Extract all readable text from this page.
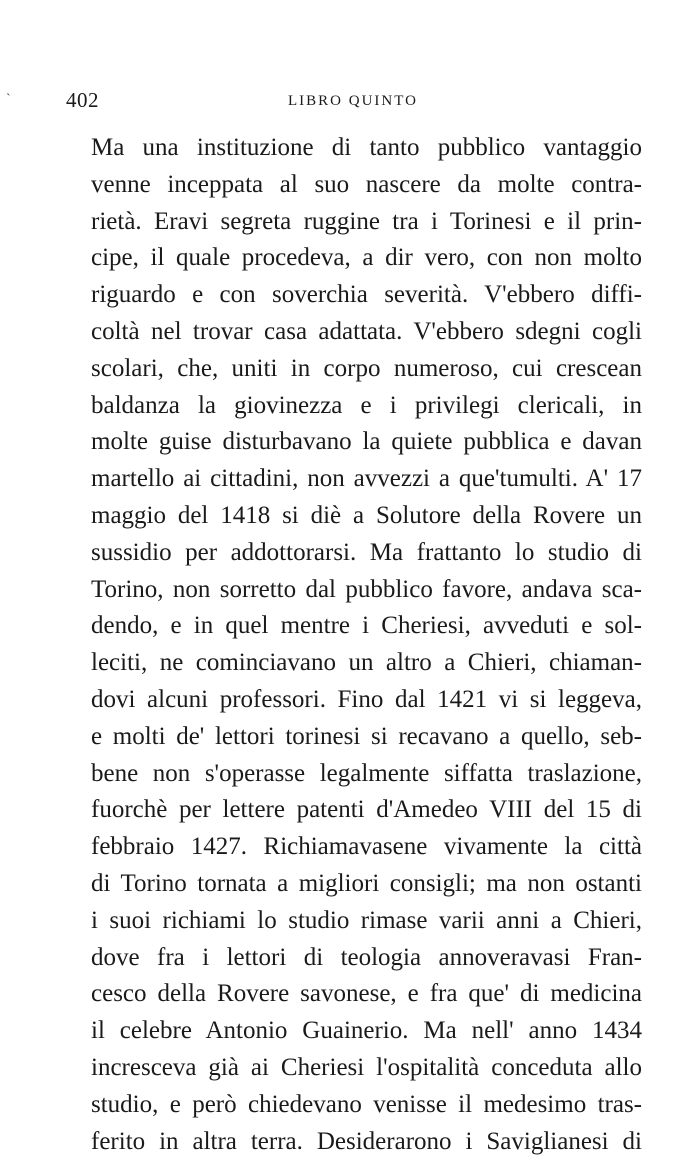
`	402	LIBRO QUINTO
Ma una instituzione di tanto pubblico vantaggio
venne inceppata al suo nascere da molte contra-
rietà. Eravi segreta ruggine tra i Torinesi e il prin-
cipe, il quale procedeva, a dir vero, con non molto
riguardo e con soverchia severità. V'ebbero diffi-
coltà nel trovar casa adattata. V'ebbero sdegni cogli
scolari, che, uniti in corpo numeroso, cui crescean
baldanza la giovinezza e i privilegi clericali, in
molte guise disturbavano la quiete pubblica e davan
martello ai cittadini, non avvezzi a que'tumulti. A' 17
maggio del 1418 si diè a Solutore della Rovere un
sussidio per addottorarsi. Ma frattanto lo studio di
Torino, non sorretto dal pubblico favore, andava sca-
dendo, e in quel mentre i Cheriesi, avveduti e sol-
leciti, ne cominciavano un altro a Chieri, chiaman-
dovi alcuni professori. Fino dal 1421 vi si leggeva,
e molti de' lettori torinesi si recavano a quello, seb-
bene non s'operasse legalmente siffatta traslazione,
fuorchè per lettere patenti d'Amedeo VIII del 15 di
febbraio 1427. Richiamavasene vivamente la città
di Torino tornata a migliori consigli; ma non ostanti
i suoi richiami lo studio rimase varii anni a Chieri,
dove fra i lettori di teologia annoveravasi Fran-
cesco della Rovere savonese, e fra que' di medicina
il celebre Antonio Guainerio. Ma nell' anno 1434
incresceva già ai Cheriesi l'ospitalità conceduta allo
studio, e però chiedevano venisse il medesimo tras-
ferito in altra terra. Desiderarono i Saviglianesi di
